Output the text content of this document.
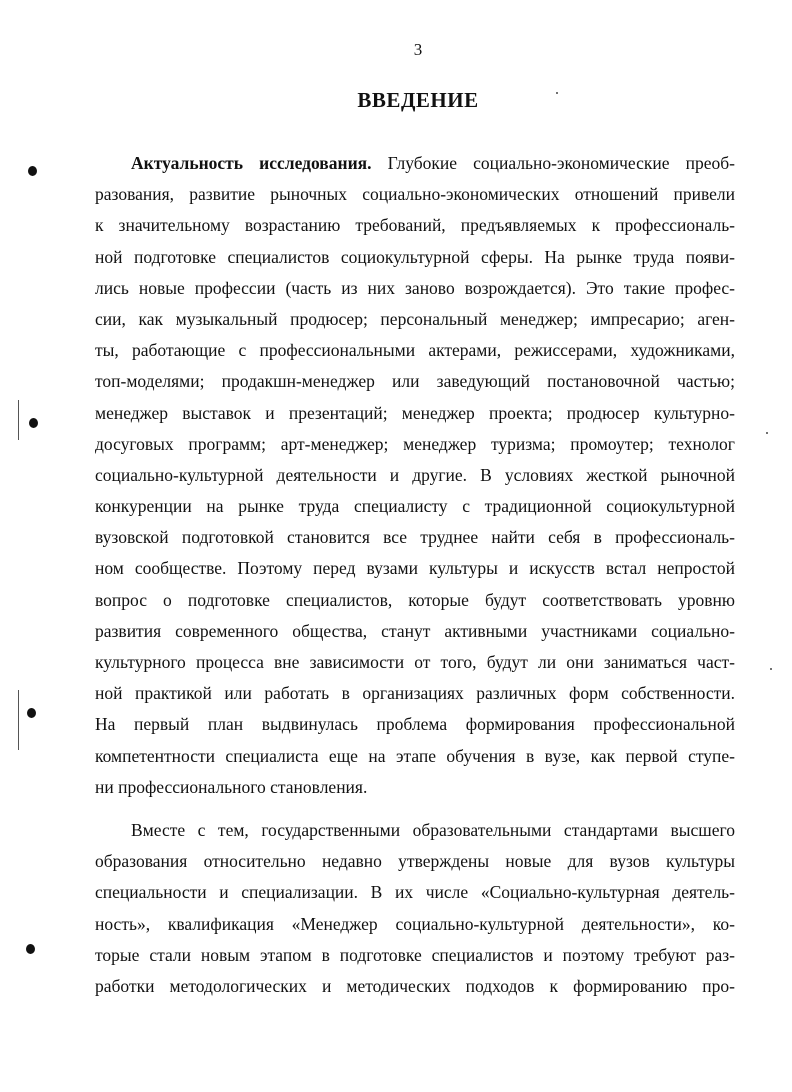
3
ВВЕДЕНИЕ
Актуальность исследования. Глубокие социально-экономические преоб-
разования, развитие рыночных социально-экономических отношений привели
к значительному возрастанию требований, предъявляемых к профессиональ-
ной подготовке специалистов социокультурной сферы. На рынке труда появи-
лись новые профессии (часть из них заново возрождается). Это такие профес-
сии, как музыкальный продюсер; персональный менеджер; импресарио; аген-
ты, работающие с профессиональными актерами, режиссерами, художниками,
топ-моделями; продакшн-менеджер или заведующий постановочной частью;
менеджер выставок и презентаций; менеджер проекта; продюсер культурно-
досуговых программ; арт-менеджер; менеджер туризма; промоутер; технолог
социально-культурной деятельности и другие. В условиях жесткой рыночной
конкуренции на рынке труда специалисту с традиционной социокультурной
вузовской подготовкой становится все труднее найти себя в профессиональ-
ном сообществе. Поэтому перед вузами культуры и искусств встал непростой
вопрос о подготовке специалистов, которые будут соответствовать уровню
развития современного общества, станут активными участниками социально-
культурного процесса вне зависимости от того, будут ли они заниматься част-
ной практикой или работать в организациях различных форм собственности.
На первый план выдвинулась проблема формирования профессиональной
компетентности специалиста еще на этапе обучения в вузе, как первой ступе-
ни профессионального становления.
Вместе с тем, государственными образовательными стандартами высшего
образования относительно недавно утверждены новые для вузов культуры
специальности и специализации. В их числе «Социально-культурная деятель-
ность», квалификация «Менеджер социально-культурной деятельности», ко-
торые стали новым этапом в подготовке специалистов и поэтому требуют раз-
работки методологических и методических подходов к формированию про-
